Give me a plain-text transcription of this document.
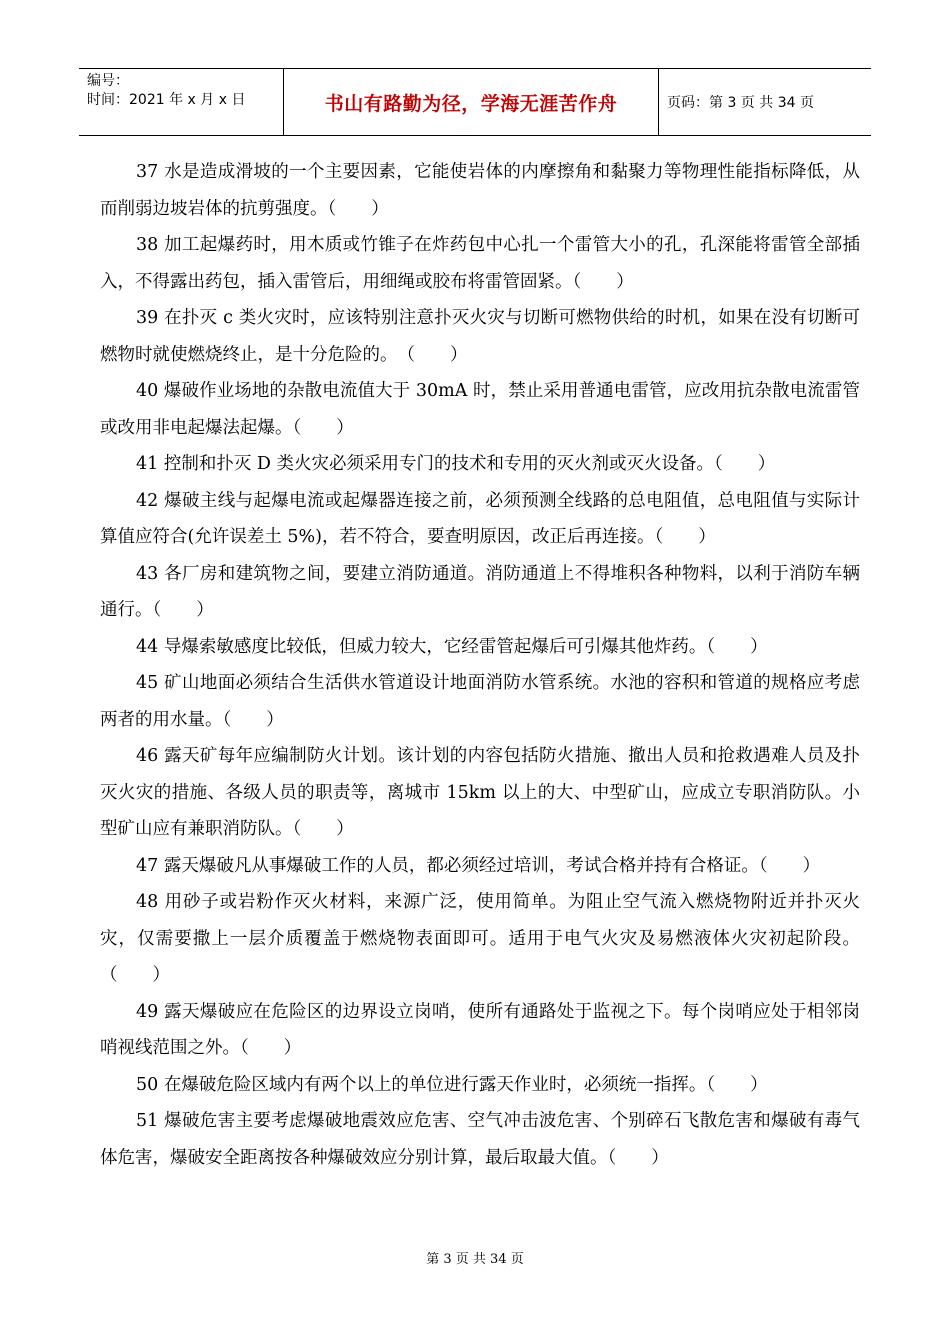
编号：
时间：2021 年 x 月 x 日	书山有路勤为径，学海无涯苦作舟	页码：第 3 页 共 34 页

37 水是造成滑坡的一个主要因素，它能使岩体的内摩擦角和黏聚力等物理性能指标降低，从而削弱边坡岩体的抗剪强度。（　　）

38 加工起爆药时，用木质或竹锥子在炸药包中心扎一个雷管大小的孔，孔深能将雷管全部插入，不得露出药包，插入雷管后，用细绳或胶布将雷管固紧。（　　）

39 在扑灭 c 类火灾时，应该特别注意扑灭火灾与切断可燃物供给的时机，如果在没有切断可燃物时就使燃烧终止，是十分危险的。　（　　）

40 爆破作业场地的杂散电流值大于 30mA 时，禁止采用普通电雷管，应改用抗杂散电流雷管或改用非电起爆法起爆。（　　）

41 控制和扑灭 D 类火灾必须采用专门的技术和专用的灭火剂或灭火设备。（　　）

42 爆破主线与起爆电流或起爆器连接之前，必须预测全线路的总电阻值，总电阻值与实际计算值应符合(允许误差土 5%)，若不符合，要查明原因，改正后再连接。（　　）

43 各厂房和建筑物之间，要建立消防通道。消防通道上不得堆积各种物料，以利于消防车辆通行。（　　）

44 导爆索敏感度比较低，但威力较大，它经雷管起爆后可引爆其他炸药。（　　）

45 矿山地面必须结合生活供水管道设计地面消防水管系统。水池的容积和管道的规格应考虑两者的用水量。（　　）

46 露天矿每年应编制防火计划。该计划的内容包括防火措施、撤出人员和抢救遇难人员及扑灭火灾的措施、各级人员的职责等，离城市 15km 以上的大、中型矿山，应成立专职消防队。小型矿山应有兼职消防队。（　　）

47 露天爆破凡从事爆破工作的人员，都必须经过培训，考试合格并持有合格证。（　　）

48 用砂子或岩粉作灭火材料，来源广泛，使用简单。为阻止空气流入燃烧物附近并扑灭火灾，仅需要撒上一层介质覆盖于燃烧物表面即可。适用于电气火灾及易燃液体火灾初起阶段。（　　）

49 露天爆破应在危险区的边界设立岗哨，使所有通路处于监视之下。每个岗哨应处于相邻岗哨视线范围之外。（　　）

50 在爆破危险区域内有两个以上的单位进行露天作业时，必须统一指挥。（　　）

51 爆破危害主要考虑爆破地震效应危害、空气冲击波危害、个别碎石飞散危害和爆破有毒气体危害，爆破安全距离按各种爆破效应分别计算，最后取最大值。（　　）

第 3 页 共 34 页
